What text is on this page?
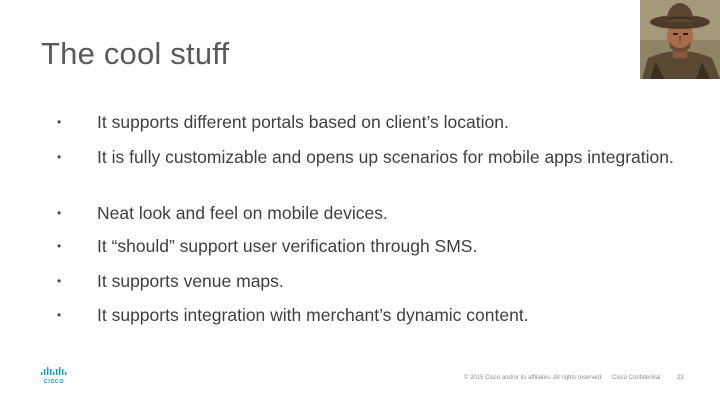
The cool stuff
•	It supports different portals based on client’s location.
•	It is fully customizable and opens up scenarios for mobile apps integration.
•	Neat look and feel on mobile devices.
•	It “should” support user verification through SMS.
•	It supports venue maps.
•	It supports integration with merchant’s dynamic content.
CISCO
© 2015 Cisco and/or its affiliates. All rights reserved. Cisco Confidential	23
